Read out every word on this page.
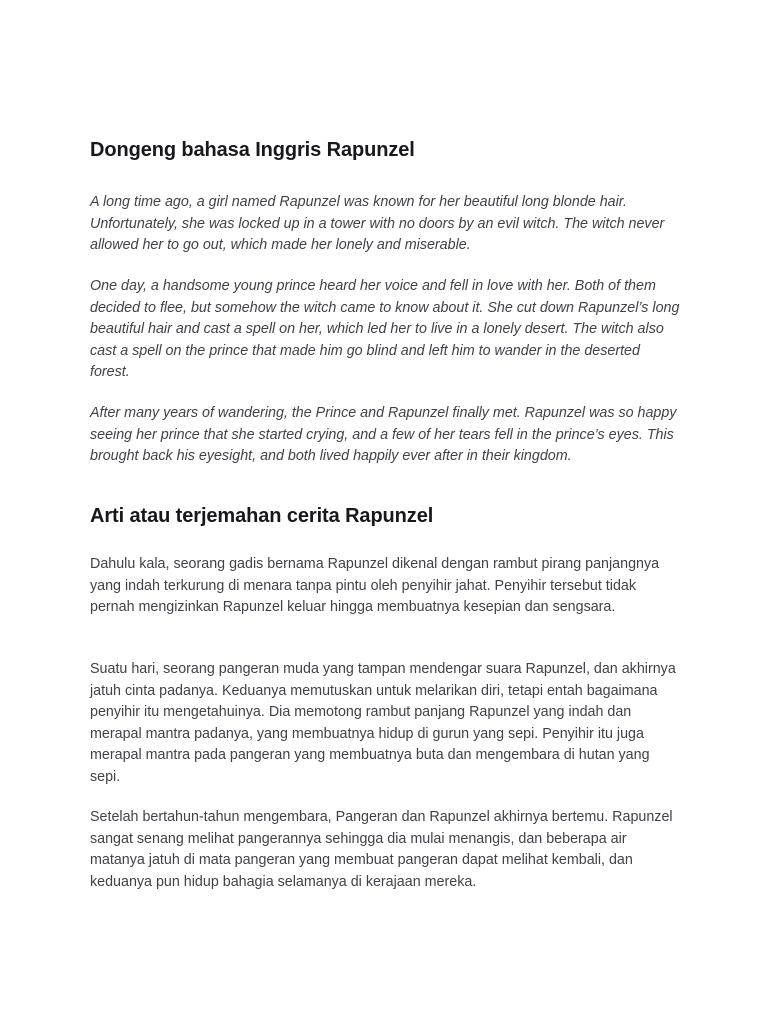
Dongeng bahasa Inggris Rapunzel

A long time ago, a girl named Rapunzel was known for her beautiful long blonde hair. Unfortunately, she was locked up in a tower with no doors by an evil witch. The witch never allowed her to go out, which made her lonely and miserable.

One day, a handsome young prince heard her voice and fell in love with her. Both of them decided to flee, but somehow the witch came to know about it. She cut down Rapunzel’s long beautiful hair and cast a spell on her, which led her to live in a lonely desert. The witch also cast a spell on the prince that made him go blind and left him to wander in the deserted forest.

After many years of wandering, the Prince and Rapunzel finally met. Rapunzel was so happy seeing her prince that she started crying, and a few of her tears fell in the prince’s eyes. This brought back his eyesight, and both lived happily ever after in their kingdom.

Arti atau terjemahan cerita Rapunzel

Dahulu kala, seorang gadis bernama Rapunzel dikenal dengan rambut pirang panjangnya yang indah terkurung di menara tanpa pintu oleh penyihir jahat. Penyihir tersebut tidak pernah mengizinkan Rapunzel keluar hingga membuatnya kesepian dan sengsara.

Suatu hari, seorang pangeran muda yang tampan mendengar suara Rapunzel, dan akhirnya jatuh cinta padanya. Keduanya memutuskan untuk melarikan diri, tetapi entah bagaimana penyihir itu mengetahuinya. Dia memotong rambut panjang Rapunzel yang indah dan merapal mantra padanya, yang membuatnya hidup di gurun yang sepi. Penyihir itu juga merapal mantra pada pangeran yang membuatnya buta dan mengembara di hutan yang sepi.

Setelah bertahun-tahun mengembara, Pangeran dan Rapunzel akhirnya bertemu. Rapunzel sangat senang melihat pangerannya sehingga dia mulai menangis, dan beberapa air matanya jatuh di mata pangeran yang membuat pangeran dapat melihat kembali, dan keduanya pun hidup bahagia selamanya di kerajaan mereka.
